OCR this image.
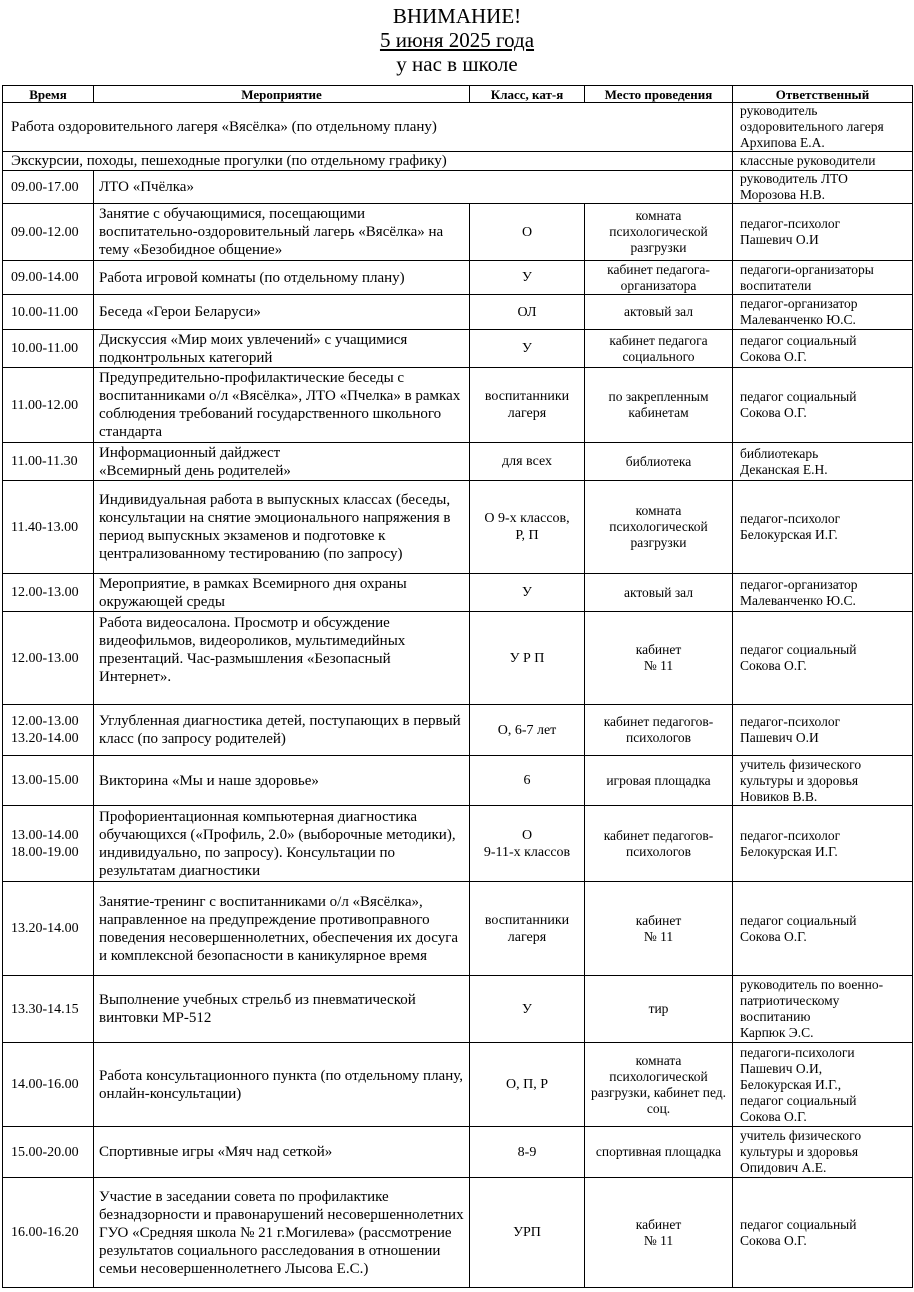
ВНИМАНИЕ!
5 июня 2025 года
у нас в школе
Время	Мероприятие	Класс, кат-я	Место проведения	Ответственный
Работа оздоровительного лагеря «Вясёлка» (по отдельному плану)				руководитель оздоровительного лагеря Архипова Е.А.
Экскурсии, походы, пешеходные прогулки (по отдельному графику)				классные руководители
09.00-17.00	ЛТО «Пчёлка»			руководитель ЛТО
Морозова Н.В.
09.00-12.00	Занятие с обучающимися, посещающими воспитательно-оздоровительный лагерь «Вясёлка» на тему «Безобидное общение»	О	комната психологической разгрузки	педагог-психолог
Пашевич О.И
09.00-14.00	Работа игровой комнаты (по отдельному плану)	У	кабинет педагога-организатора	педагоги-организаторы воспитатели
10.00-11.00	Беседа «Герои Беларуси»	ОЛ	актовый зал	педагог-организатор
Малеванченко Ю.С.
10.00-11.00	Дискуссия «Мир моих увлечений» с учащимися подконтрольных категорий	У	кабинет педагога социального	педагог социальный
Сокова О.Г.
11.00-12.00	Предупредительно-профилактические беседы с воспитанниками о/л «Вясёлка», ЛТО «Пчелка» в рамках соблюдения требований государственного школьного стандарта	воспитанники лагеря	по закрепленным кабинетам	педагог социальный
Сокова О.Г.
11.00-11.30	Информационный дайджест
«Всемирный день родителей»	для всех	библиотека	библиотекарь
Деканская Е.Н.
11.40-13.00	Индивидуальная работа в выпускных классах (беседы, консультации на снятие эмоционального напряжения в период выпускных экзаменов и подготовке к централизованному тестированию (по запросу)	О 9-х классов,
Р, П	комната психологической разгрузки	педагог-психолог
Белокурская И.Г.
12.00-13.00	Мероприятие, в рамках Всемирного дня охраны окружающей среды	У	актовый зал	педагог-организатор
Малеванченко Ю.С.
12.00-13.00	Работа видеосалона. Просмотр и обсуждение видеофильмов, видеороликов, мультимедийных презентаций. Час-размышления «Безопасный Интернет».	У Р П	кабинет
№ 11	педагог социальный
Сокова О.Г.
12.00-13.00
13.20-14.00	Углубленная диагностика детей, поступающих в первый класс (по запросу родителей)	О, 6-7 лет	кабинет педагогов-психологов	педагог-психолог
Пашевич О.И
13.00-15.00	Викторина «Мы и наше здоровье»	6	игровая площадка	учитель физического культуры и здоровья Новиков В.В.
13.00-14.00
18.00-19.00	Профориентационная компьютерная диагностика обучающихся («Профиль, 2.0» (выборочные методики), индивидуально, по запросу). Консультации по результатам диагностики	О
9-11-х классов	кабинет педагогов-психологов	педагог-психолог
Белокурская И.Г.
13.20-14.00	Занятие-тренинг с воспитанниками о/л «Вясёлка», направленное на предупреждение противоправного поведения несовершеннолетних, обеспечения их досуга и комплексной безопасности в каникулярное время	воспитанники лагеря	кабинет
№ 11	педагог социальный
Сокова О.Г.
13.30-14.15	Выполнение учебных стрельб из пневматической винтовки МР-512	У	тир	руководитель по военно-патриотическому воспитанию
Карпюк Э.С.
14.00-16.00	Работа консультационного пункта (по отдельному плану, онлайн-консультации)	О, П, Р	комната психологической разгрузки, кабинет пед. соц.	педагоги-психологи
Пашевич О.И,
Белокурская И.Г.,
педагог социальный
Сокова О.Г.
15.00-20.00	Спортивные игры «Мяч над сеткой»	8-9	спортивная площадка	учитель физического культуры и здоровья Опидович А.Е.
16.00-16.20	Участие в заседании совета по профилактике безнадзорности и правонарушений несовершеннолетних ГУО «Средняя школа № 21 г.Могилева» (рассмотрение результатов социального расследования в отношении семьи несовершеннолетнего Лысова Е.С.)	УРП	кабинет
№ 11	педагог социальный
Сокова О.Г.
